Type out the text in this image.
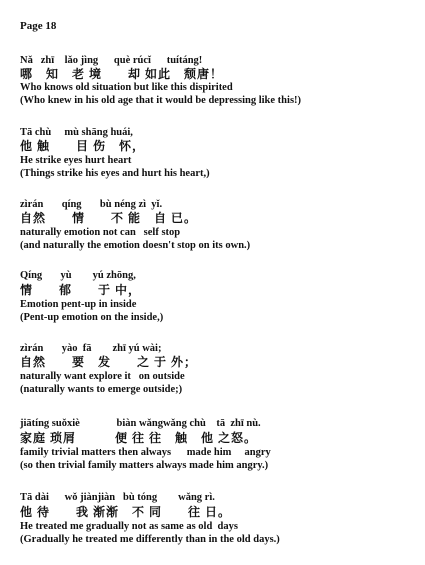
Page 18
Nǎ   zhī    lǎo jìng      què rúcǐ      tuítáng!
哪　知　老 境　　却 如此　颓唐！
Who knows old situation but like this dispirited
(Who knew in his old age that it would be depressing like this!)
Tā chù     mù shāng huái,
他 触　　目 伤　怀，
He strike eyes hurt heart
(Things strike his eyes and hurt his heart,)
zìrán       qíng       bù néng zì  yǐ.
自然　　情　　不 能　自 已。
naturally emotion not can   self stop
(and naturally the emotion doesn't stop on its own.)
Qíng       yù        yú zhōng,
情　　郁　　于 中，
Emotion pent-up in inside
(Pent-up emotion on the inside,)
zìrán       yào  fā        zhī yú wài;
自然　　要　发　　之 于 外；
naturally want explore it   on outside
(naturally wants to emerge outside;)
jiātíng suǒxiè              biàn wǎngwǎng chù    tā  zhī nù.
家庭 琐屑　　　便 往 往　触　他 之怒。
family trivial matters then always      made him     angry
(so then trivial family matters always made him angry.)
Tā dài      wǒ jiànjiàn   bù tóng        wǎng rì.
他 待　　我 渐渐　不 同　　往 日。
He treated me gradually not as same as old  days
(Gradually he treated me differently than in the old days.)
